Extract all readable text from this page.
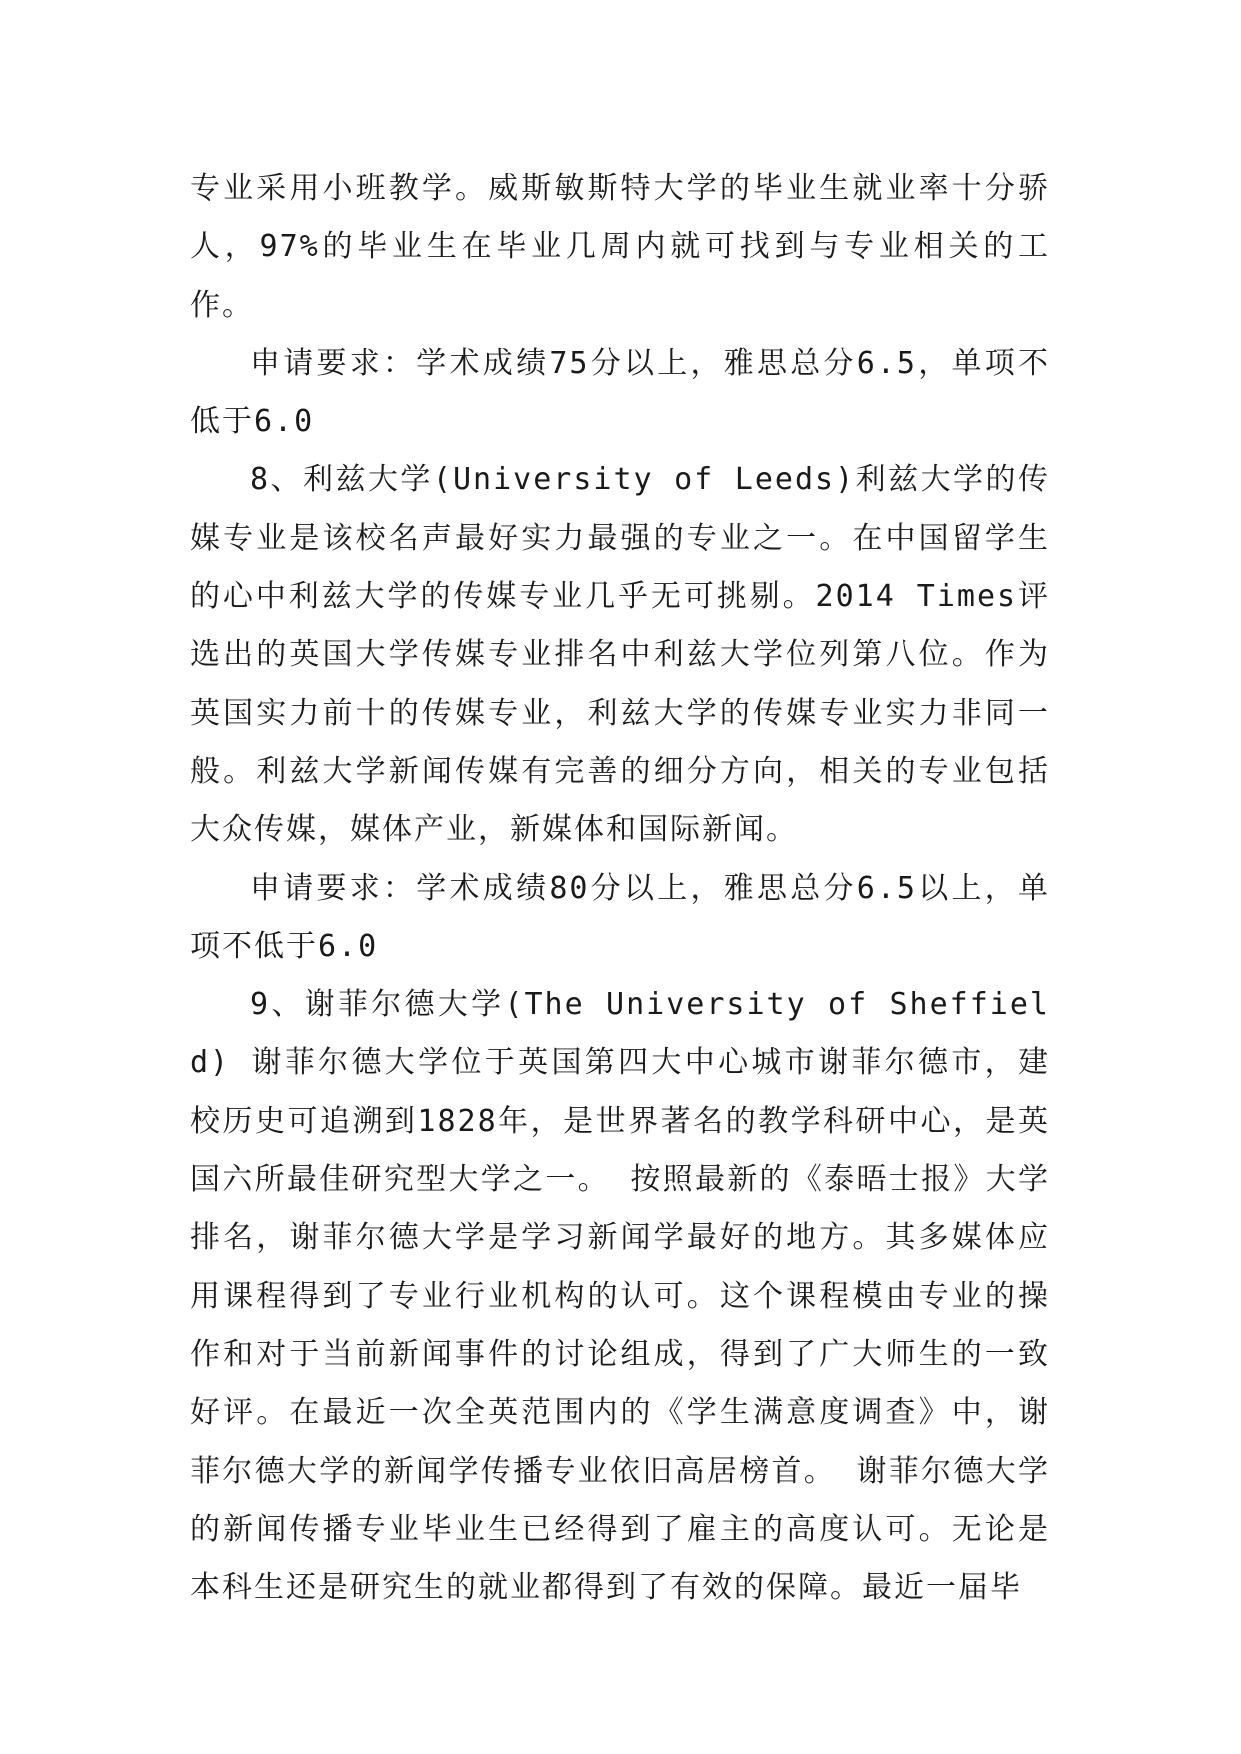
专业采用小班教学。威斯敏斯特大学的毕业生就业率十分骄人，97%的毕业生在毕业几周内就可找到与专业相关的工作。

申请要求：学术成绩75分以上，雅思总分6.5，单项不低于6.0

8、利兹大学(University of Leeds)利兹大学的传媒专业是该校名声最好实力最强的专业之一。在中国留学生的心中利兹大学的传媒专业几乎无可挑剔。2014 Times评选出的英国大学传媒专业排名中利兹大学位列第八位。作为英国实力前十的传媒专业，利兹大学的传媒专业实力非同一般。利兹大学新闻传媒有完善的细分方向，相关的专业包括大众传媒，媒体产业，新媒体和国际新闻。

申请要求：学术成绩80分以上，雅思总分6.5以上，单项不低于6.0

9、谢菲尔德大学(The University of Sheffield) 谢菲尔德大学位于英国第四大中心城市谢菲尔德市，建校历史可追溯到1828年，是世界著名的教学科研中心，是英国六所最佳研究型大学之一。 按照最新的《泰晤士报》大学排名，谢菲尔德大学是学习新闻学最好的地方。其多媒体应用课程得到了专业行业机构的认可。这个课程模由专业的操作和对于当前新闻事件的讨论组成，得到了广大师生的一致好评。在最近一次全英范围内的《学生满意度调查》中，谢菲尔德大学的新闻学传播专业依旧高居榜首。 谢菲尔德大学的新闻传播专业毕业生已经得到了雇主的高度认可。无论是本科生还是研究生的就业都得到了有效的保障。最近一届毕
